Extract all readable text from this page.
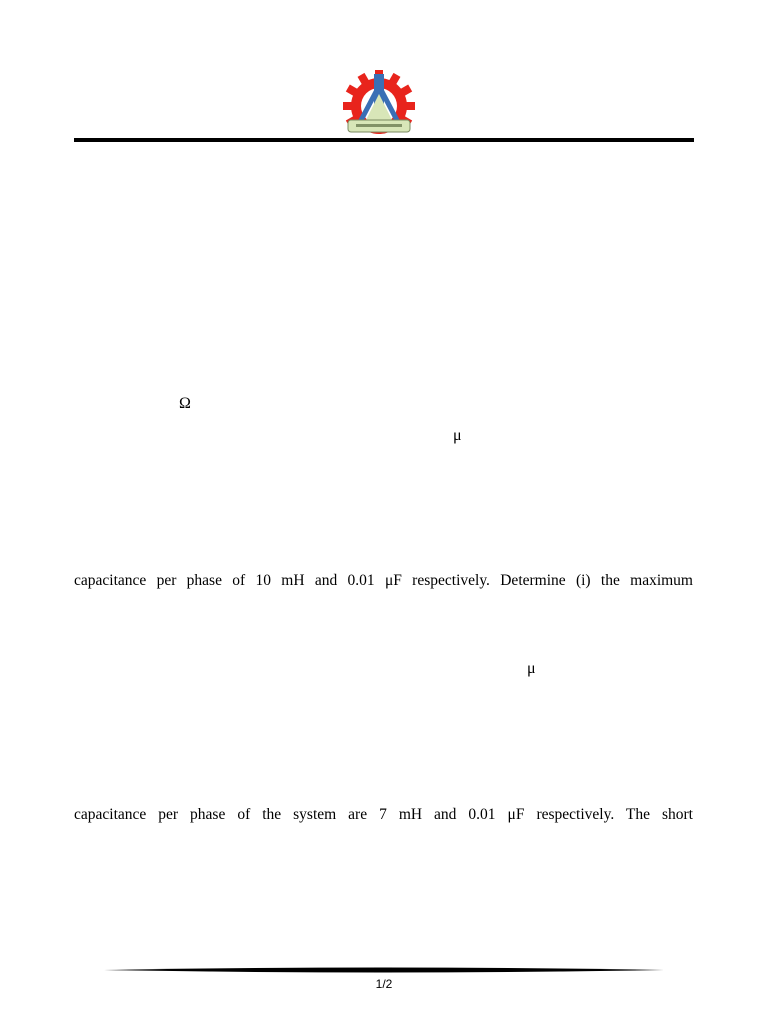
Ω
μ
capacitance per phase of 10 mH and 0.01 μF respectively. Determine (i) the maximum
μ
capacitance per phase of the system are 7 mH and 0.01 μF respectively. The short
1/2
